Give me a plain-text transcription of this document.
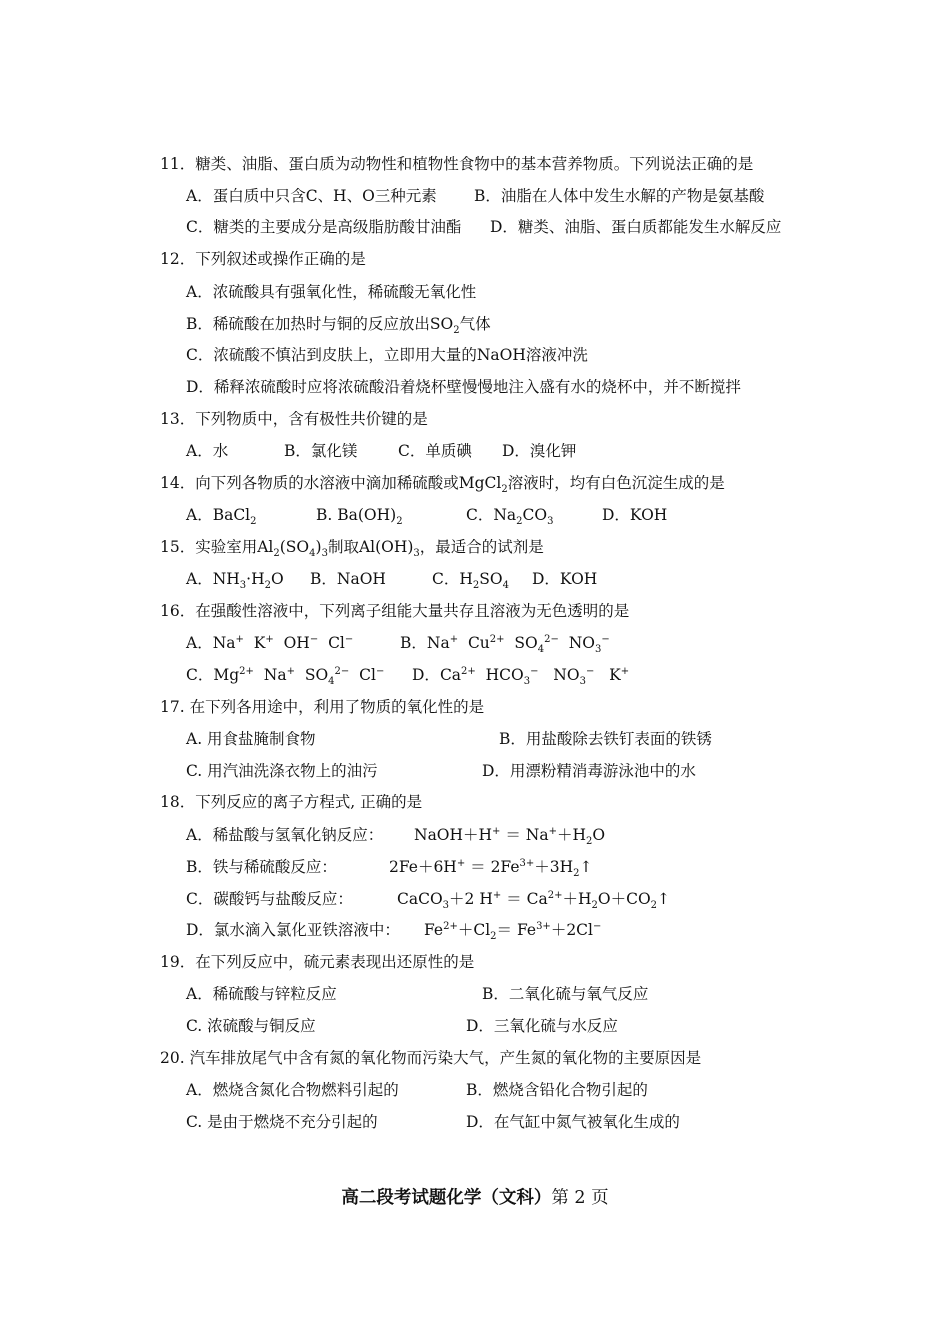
11．糖类、油脂、蛋白质为动物性和植物性食物中的基本营养物质。下列说法正确的是
A．蛋白质中只含C、H、O三种元素 B．油脂在人体中发生水解的产物是氨基酸
C．糖类的主要成分是高级脂肪酸甘油酯 D．糖类、油脂、蛋白质都能发生水解反应
12．下列叙述或操作正确的是
A．浓硫酸具有强氧化性，稀硫酸无氧化性
B．稀硫酸在加热时与铜的反应放出$SO_2$气体
C．浓硫酸不慎沾到皮肤上，立即用大量的NaOH溶液冲洗
D．稀释浓硫酸时应将浓硫酸沿着烧杯壁慢慢地注入盛有水的烧杯中，并不断搅拌
13．下列物质中，含有极性共价键的是
A．水	B．氯化镁	C．单质碘 D．溴化钾
14．向下列各物质的水溶液中滴加稀硫酸或MgCl$_2$溶液时，均有白色沉淀生成的是
A．BaCl$_2$	B. $Ba(OH)_2$	C．$Na_2CO_3$	D．KOH
15．实验室用$Al_2(SO_4)_3$制取$Al(OH)_3$，最适合的试剂是
A．$NH_3\cdot H_2O$ B．NaOH	C．$H_2SO_4$ D．KOH
16．在强酸性溶液中，下列离子组能大量共存且溶液为无色透明的是
A．Na+  K+  OH−  Cl−	B．Na+  $Cu^{2+}$  $SO_4^{2-}$  $NO_3^-$
C．$Mg^{2+}$  Na+  $SO_4^{2-}$  Cl− D．$Ca^{2+}$  $HCO_3^-$   $NO_3^-$   K+
17. 在下列各用途中，利用了物质的氧化性的是
A. 用食盐腌制食物	B．用盐酸除去铁钉表面的铁锈
C. 用汽油洗涤衣物上的油污	D．用漂粉精消毒游泳池中的水
18．下列反应的离子方程式, 正确的是
A．稀盐酸与氢氧化钠反应： NaOH＋H+ ＝ $Na^++H_2O$
B．铁与稀硫酸反应：	$2Fe+6H^+ = 2Fe^{3+}+3H_2↑$
C．碳酸钙与盐酸反应：	CaCO$_3$＋2 $H^+ = Ca^{2+}+H_2O+CO_2↑$
D．氯水滴入氯化亚铁溶液中： $Fe^{2+}+Cl_2= Fe^{3+}+2Cl^-$
19．在下列反应中，硫元素表现出还原性的是
A．稀硫酸与锌粒反应	B．二氧化硫与氧气反应
C. 浓硫酸与铜反应	D．三氧化硫与水反应
20. 汽车排放尾气中含有氮的氧化物而污染大气，产生氮的氧化物的主要原因是
A．燃烧含氮化合物燃料引起的	B．燃烧含铅化合物引起的
C. 是由于燃烧不充分引起的	D．在气缸中氮气被氧化生成的
高二段考试题化学（文科）第 2 页
